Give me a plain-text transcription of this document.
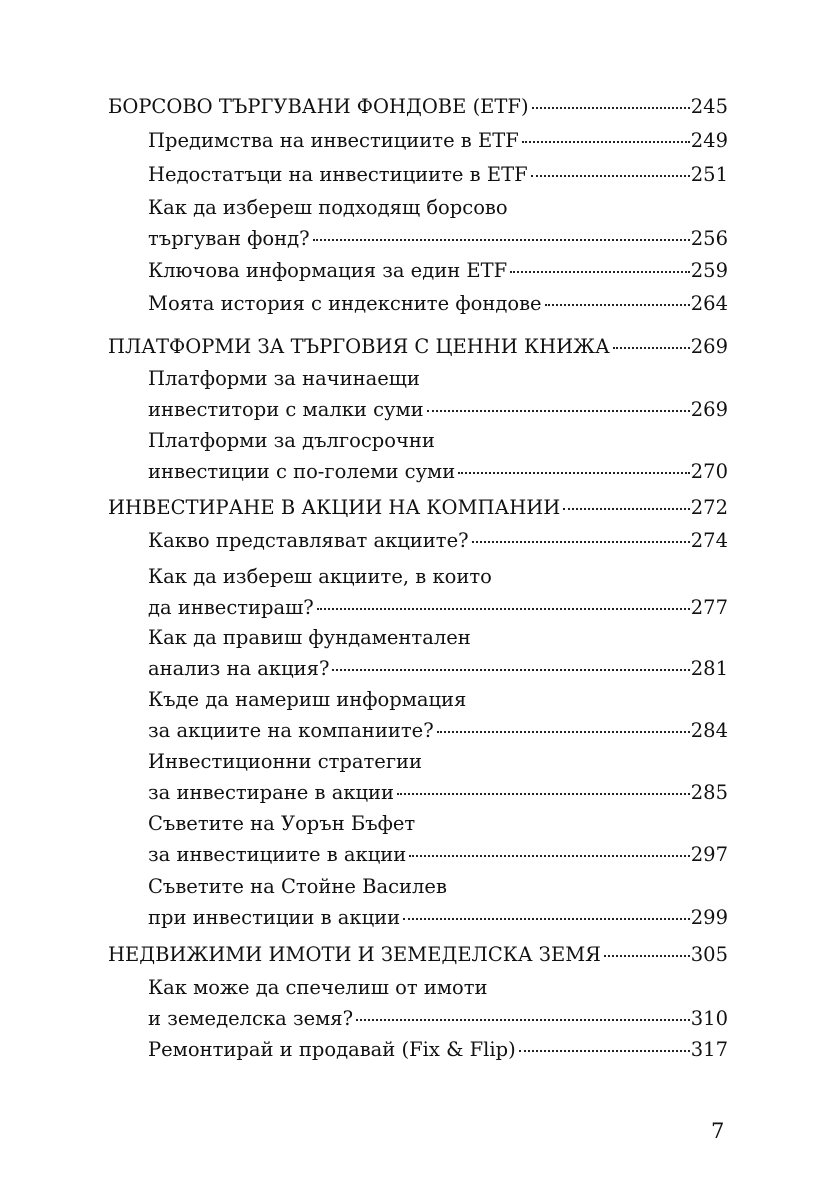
БОРСОВО ТЪРГУВАНИ ФОНДОВЕ (ETF)	245
Предимства на инвестициите в ETF	249
Недостатъци на инвестициите в ETF	251
Как да избереш подходящ борсово
търгуван фонд?	256
Ключова информация за един ETF	259
Моята история с индексните фондове	264
ПЛАТФОРМИ ЗА ТЪРГОВИЯ С ЦЕННИ КНИЖА	269
Платформи за начинаещи
инвеститори с малки суми	269
Платформи за дългосрочни
инвестиции с по-големи суми	270
ИНВЕСТИРАНЕ В АКЦИИ НА КОМПАНИИ	272
Какво представляват акциите?	274
Как да избереш акциите, в които
да инвестираш?	277
Как да правиш фундаментален
анализ на акция?	281
Къде да намериш информация
за акциите на компаниите?	284
Инвестиционни стратегии
за инвестиране в акции	285
Съветите на Уорън Бъфет
за инвестициите в акции	297
Съветите на Стойне Василев
при инвестиции в акции	299
НЕДВИЖИМИ ИМОТИ И ЗЕМЕДЕЛСКА ЗЕМЯ	305
Как може да спечелиш от имоти
и земеделска земя?	310
Ремонтирай и продавай (Fix & Flip)	317
7
